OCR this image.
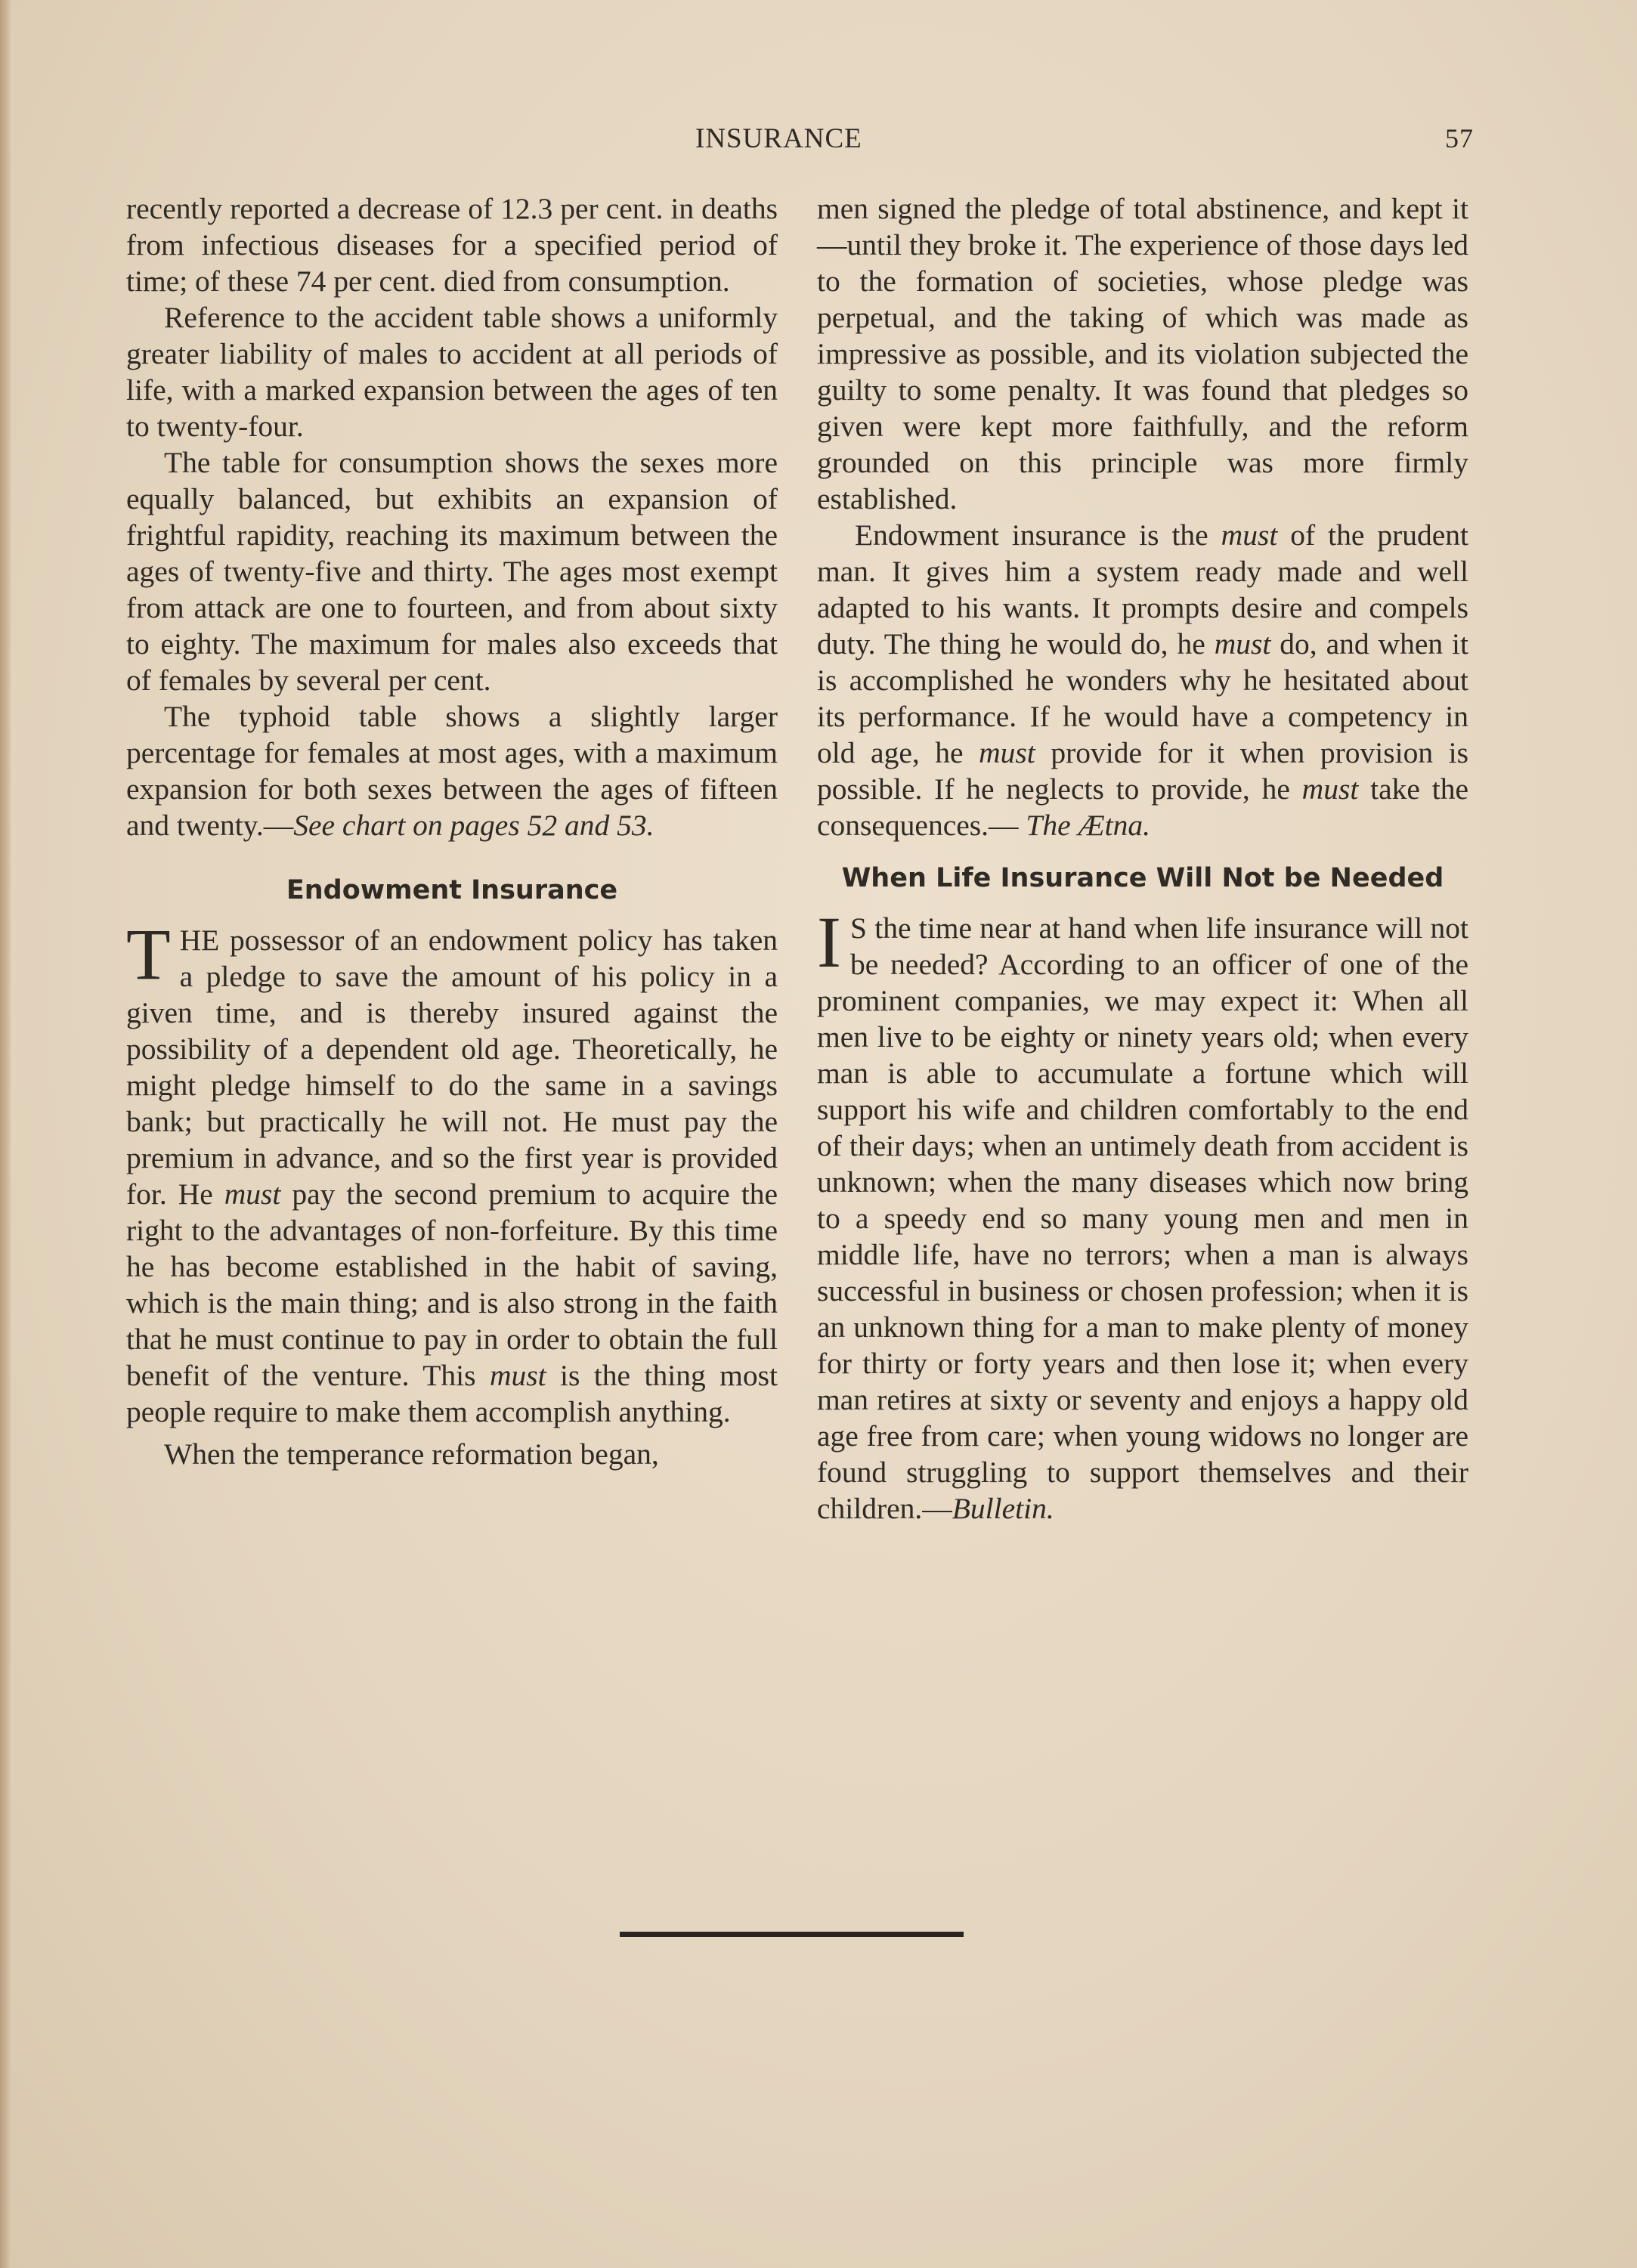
INSURANCE	57

recently reported a decrease of 12.3 per cent. in deaths from infectious diseases for a specified period of time; of these 74 per cent. died from consumption.

Reference to the accident table shows a uniformly greater liability of males to accident at all periods of life, with a marked expansion between the ages of ten to twenty-four.

The table for consumption shows the sexes more equally balanced, but exhibits an expansion of frightful rapidity, reaching its maximum between the ages of twenty-five and thirty. The ages most exempt from attack are one to fourteen, and from about sixty to eighty. The maximum for males also exceeds that of females by several per cent.

The typhoid table shows a slightly larger percentage for females at most ages, with a maximum expansion for both sexes between the ages of fifteen and twenty.—See chart on pages 52 and 53.

Endowment Insurance

THE possessor of an endowment policy has taken a pledge to save the amount of his policy in a given time, and is thereby insured against the possibility of a dependent old age. Theoretically, he might pledge himself to do the same in a savings bank; but practically he will not. He must pay the premium in advance, and so the first year is provided for. He must pay the second premium to acquire the right to the advantages of non-forfeiture. By this time he has become established in the habit of saving, which is the main thing; and is also strong in the faith that he must continue to pay in order to obtain the full benefit of the venture. This must is the thing most people require to make them accomplish anything.

When the temperance reformation began,

men signed the pledge of total abstinence, and kept it—until they broke it. The experience of those days led to the formation of societies, whose pledge was perpetual, and the taking of which was made as impressive as possible, and its violation subjected the guilty to some penalty. It was found that pledges so given were kept more faithfully, and the reform grounded on this principle was more firmly established.

Endowment insurance is the must of the prudent man. It gives him a system ready made and well adapted to his wants. It prompts desire and compels duty. The thing he would do, he must do, and when it is accomplished he wonders why he hesitated about its performance. If he would have a competency in old age, he must provide for it when provision is possible. If he neglects to provide, he must take the consequences.— The Ætna.

When Life Insurance Will Not be Needed

I S the time near at hand when life insurance will not be needed? According to an officer of one of the prominent companies, we may expect it: When all men live to be eighty or ninety years old; when every man is able to accumulate a fortune which will support his wife and children comfortably to the end of their days; when an untimely death from accident is unknown; when the many diseases which now bring to a speedy end so many young men and men in middle life, have no terrors; when a man is always successful in business or chosen profession; when it is an unknown thing for a man to make plenty of money for thirty or forty years and then lose it; when every man retires at sixty or seventy and enjoys a happy old age free from care; when young widows no longer are found struggling to support themselves and their children.—Bulletin.
